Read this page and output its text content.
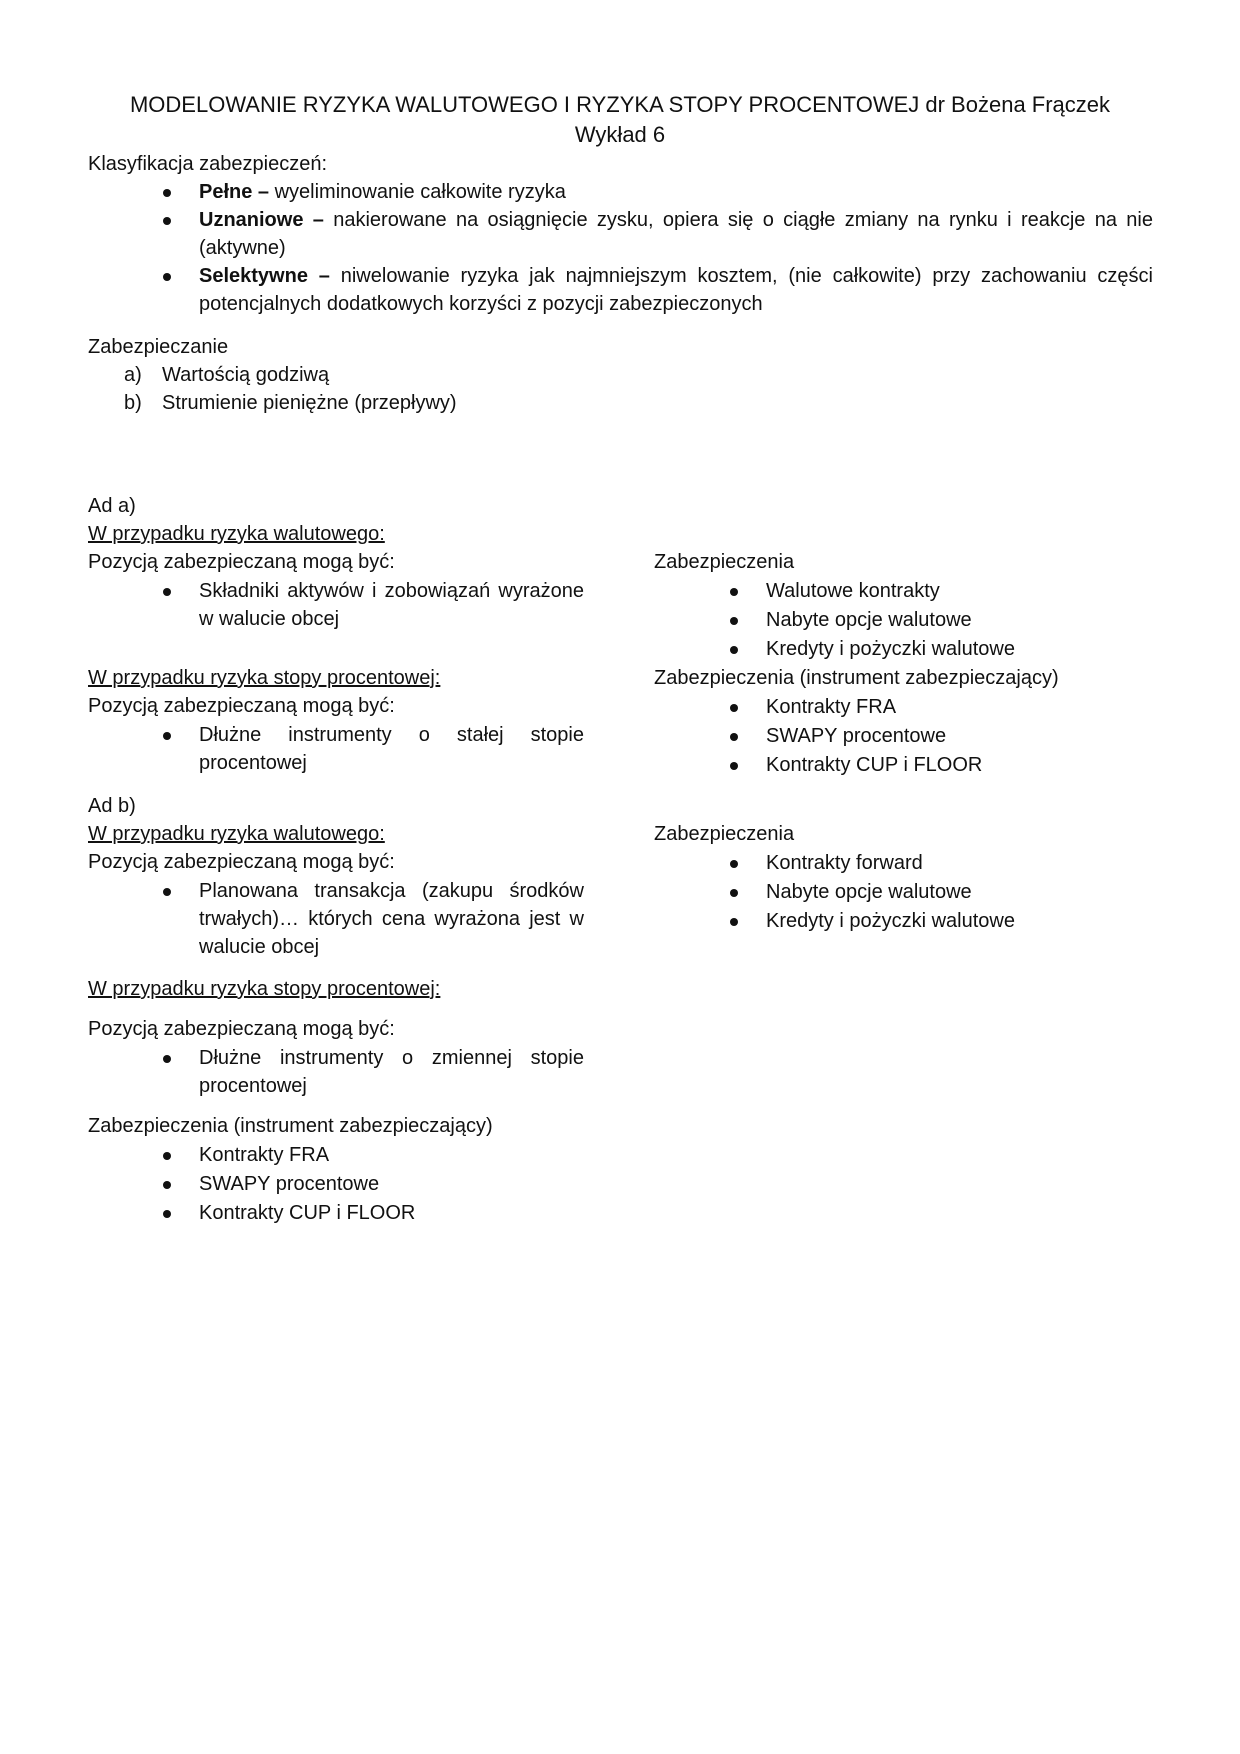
MODELOWANIE RYZYKA WALUTOWEGO I RYZYKA STOPY PROCENTOWEJ dr Bożena Frączek
Wykład 6
Klasyfikacja zabezpieczeń:
Pełne – wyeliminowanie całkowite ryzyka
Uznaniowe – nakierowane na osiągnięcie zysku, opiera się o ciągłe zmiany na rynku i reakcje na nie (aktywne)
Selektywne – niwelowanie ryzyka jak najmniejszym kosztem, (nie całkowite) przy zachowaniu części potencjalnych dodatkowych korzyści z pozycji zabezpieczonych
Zabezpieczanie
a) Wartością godziwą
b) Strumienie pieniężne (przepływy)
Ad a)
W przypadku ryzyka walutowego:
Pozycją zabezpieczaną mogą być:
Składniki aktywów i zobowiązań wyrażone w walucie obcej
Zabezpieczenia
Walutowe kontrakty
Nabyte opcje walutowe
Kredyty i pożyczki walutowe
W przypadku ryzyka stopy procentowej:
Pozycją zabezpieczaną mogą być:
Dłużne instrumenty o stałej stopie procentowej
Zabezpieczenia (instrument zabezpieczający)
Kontrakty FRA
SWAPY procentowe
Kontrakty CUP i FLOOR
Ad b)
W przypadku ryzyka walutowego:
Pozycją zabezpieczaną mogą być:
Planowana transakcja (zakupu środków trwałych)… których cena wyrażona jest w walucie obcej
Zabezpieczenia
Kontrakty forward
Nabyte opcje walutowe
Kredyty i pożyczki walutowe
W przypadku ryzyka stopy procentowej:
Pozycją zabezpieczaną mogą być:
Dłużne instrumenty o zmiennej stopie procentowej
Zabezpieczenia (instrument zabezpieczający)
Kontrakty FRA
SWAPY procentowe
Kontrakty CUP i FLOOR
